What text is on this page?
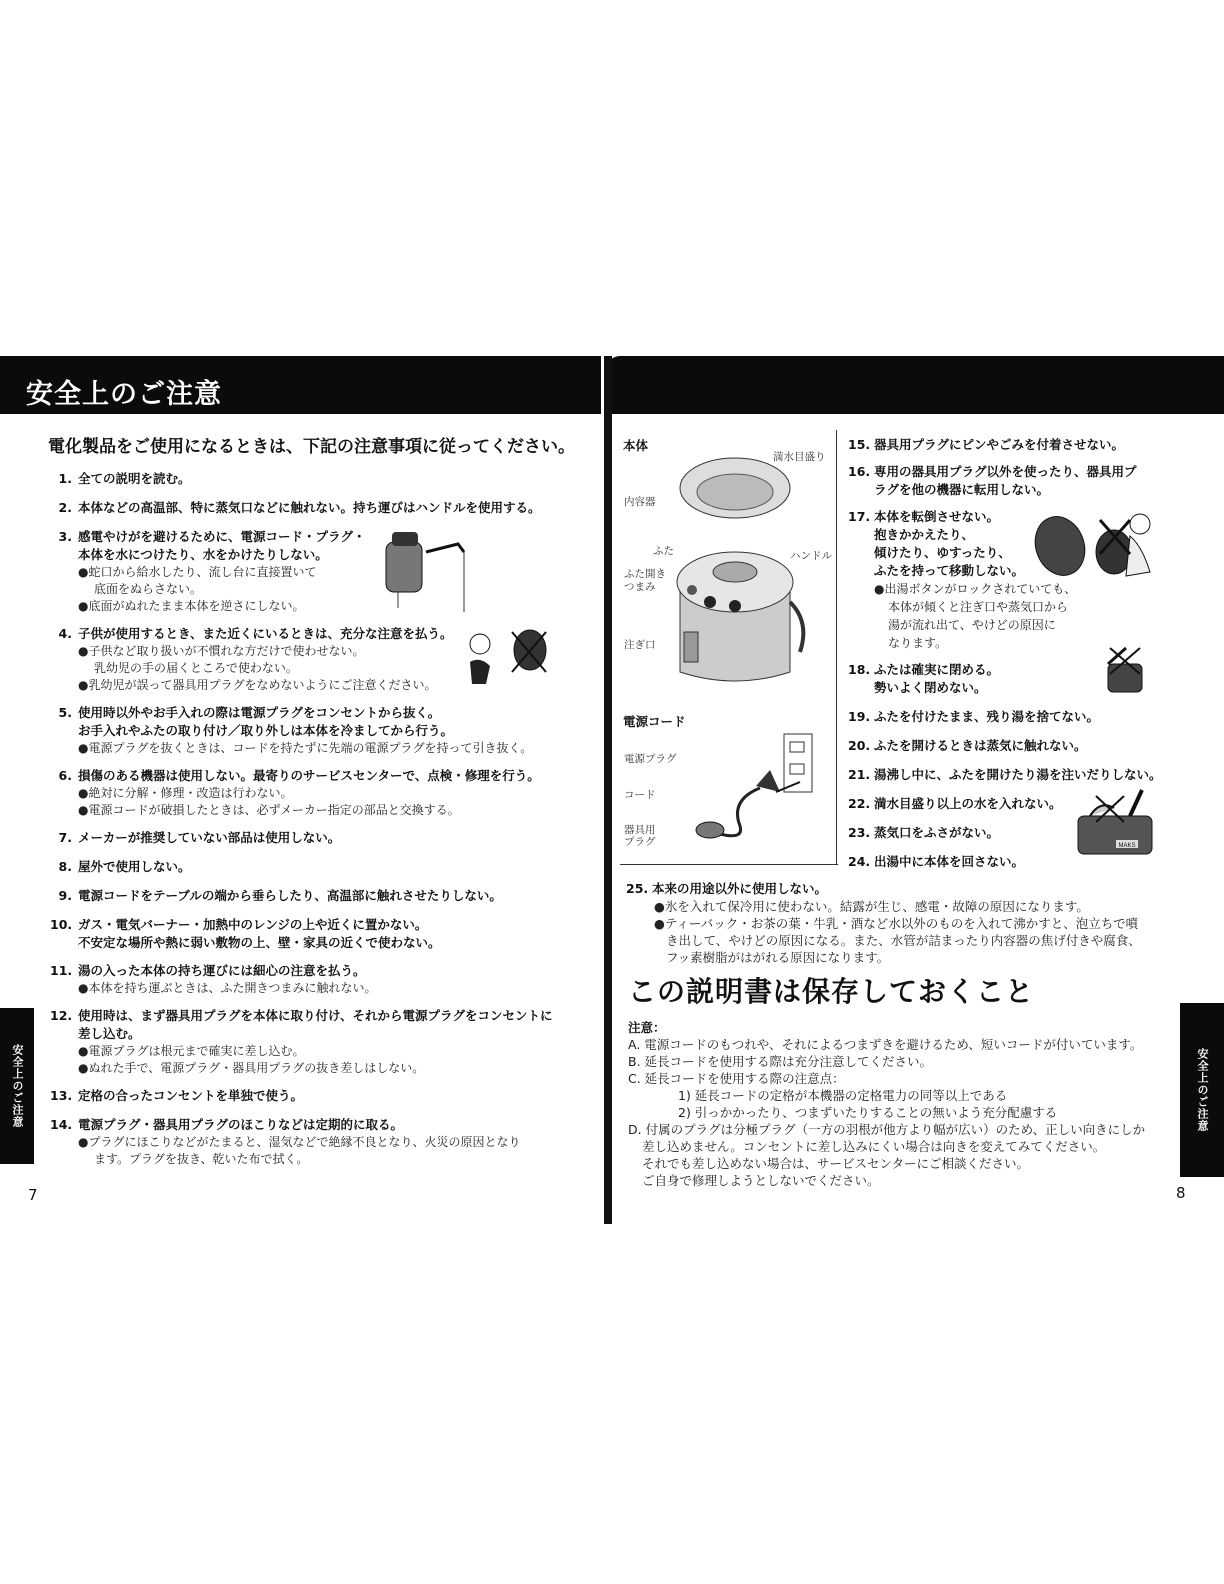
安全上のご注意
電化製品をご使用になるときは、下記の注意事項に従ってください。
1. 全ての説明を読む。
2. 本体などの高温部、特に蒸気口などに触れない。持ち運びはハンドルを使用する。
3. 感電やけがを避けるために、電源コード・プラグ・
本体を水につけたり、水をかけたりしない。
●蛇口から給水したり、流し台に直接置いて
底面をぬらさない。
●底面がぬれたまま本体を逆さにしない。
4. 子供が使用するとき、また近くにいるときは、充分な注意を払う。
●子供など取り扱いが不慣れな方だけで使わせない。
乳幼児の手の届くところで使わない。
●乳幼児が誤って器具用プラグをなめないようにご注意ください。
5. 使用時以外やお手入れの際は電源プラグをコンセントから抜く。
お手入れやふたの取り付け／取り外しは本体を冷ましてから行う。
●電源プラグを抜くときは、コードを持たずに先端の電源プラグを持って引き抜く。
6. 損傷のある機器は使用しない。最寄りのサービスセンターで、点検・修理を行う。
●絶対に分解・修理・改造は行わない。
●電源コードが破損したときは、必ずメーカー指定の部品と交換する。
7. メーカーが推奨していない部品は使用しない。
8. 屋外で使用しない。
9. 電源コードをテーブルの端から垂らしたり、高温部に触れさせたりしない。
10. ガス・電気バーナー・加熱中のレンジの上や近くに置かない。
不安定な場所や熱に弱い敷物の上、壁・家具の近くで使わない。
11. 湯の入った本体の持ち運びには細心の注意を払う。
●本体を持ち運ぶときは、ふた開きつまみに触れない。
12. 使用時は、まず器具用プラグを本体に取り付け、それから電源プラグをコンセントに
差し込む。
●電源プラグは根元まで確実に差し込む。
●ぬれた手で、電源プラグ・器具用プラグの抜き差しはしない。
13. 定格の合ったコンセントを単独で使う。
14. 電源プラグ・器具用プラグのほこりなどは定期的に取る。
●プラグにほこりなどがたまると、湿気などで絶縁不良となり、火災の原因となり
ます。プラグを抜き、乾いた布で拭く。
安全上のご注意
7
本体
満水目盛り
内容器
ふた	ハンドル
ふた開き
つまみ
注ぎ口
電源コード
電源プラグ
コード
器具用
プラグ
15. 器具用プラグにピンやごみを付着させない。
16. 専用の器具用プラグ以外を使ったり、器具用プ
ラグを他の機器に転用しない。
17. 本体を転倒させない。
抱きかかえたり、
傾けたり、ゆすったり、
ふたを持って移動しない。
●出湯ボタンがロックされていても、
本体が傾くと注ぎ口や蒸気口から
湯が流れ出て、やけどの原因に
なります。
18. ふたは確実に閉める。
勢いよく閉めない。
19. ふたを付けたまま、残り湯を捨てない。
20. ふたを開けるときは蒸気に触れない。
21. 湯沸し中に、ふたを開けたり湯を注いだりしない。
22. 満水目盛り以上の水を入れない。
23. 蒸気口をふさがない。
24. 出湯中に本体を回さない。
MAKS
25. 本来の用途以外に使用しない。
●氷を入れて保冷用に使わない。結露が生じ、感電・故障の原因になります。
●ティーバック・お茶の葉・牛乳・酒など水以外のものを入れて沸かすと、泡立ちで噴
き出して、やけどの原因になる。また、水管が詰まったり内容器の焦げ付きや腐食、
フッ素樹脂がはがれる原因になります。
この説明書は保存しておくこと
注意：
A. 電源コードのもつれや、それによるつまずきを避けるため、短いコードが付いています。
B. 延長コードを使用する際は充分注意してください。
C. 延長コードを使用する際の注意点：
1) 延長コードの定格が本機器の定格電力の同等以上である
2) 引っかかったり、つまずいたりすることの無いよう充分配慮する
D. 付属のプラグは分極プラグ（一方の羽根が他方より幅が広い）のため、正しい向きにしか
差し込めません。コンセントに差し込みにくい場合は向きを変えてみてください。
それでも差し込めない場合は、サービスセンターにご相談ください。
ご自身で修理しようとしないでください。
安全上のご注意
8
